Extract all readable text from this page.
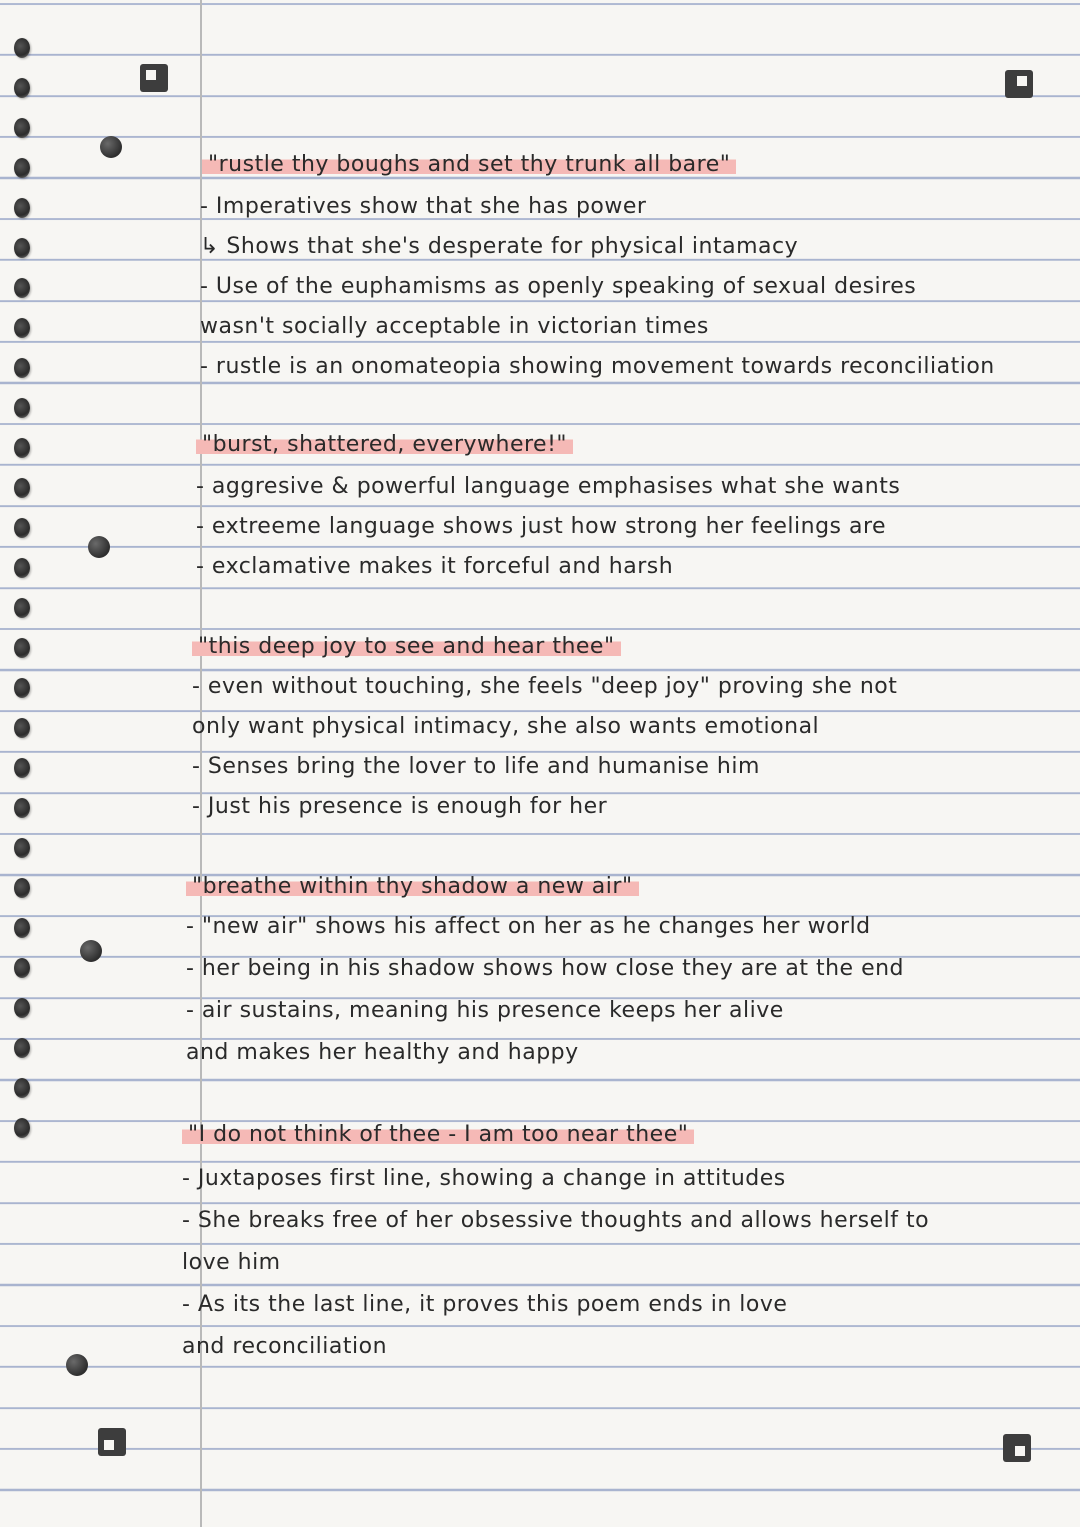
"rustle thy boughs and set thy trunk all bare"
- Imperatives show that she has power
↳ Shows that she's desperate for physical intamacy
- Use of the euphamisms as openly speaking of sexual desires
wasn't socially acceptable in victorian times
- rustle is an onomateopia showing movement towards reconciliation
"burst, shattered, everywhere!"
- aggresive & powerful language emphasises what she wants
- extreeme language shows just how strong her feelings are
- exclamative makes it forceful and harsh
"this deep joy to see and hear thee"
- even without touching, she feels "deep joy" proving she not
only want physical intimacy, she also wants emotional
- Senses bring the lover to life and humanise him
- Just his presence is enough for her
"breathe within thy shadow a new air"
- "new air" shows his affect on her as he changes her world
- her being in his shadow shows how close they are at the end
- air sustains, meaning his presence keeps her alive
and makes her healthy and happy
"I do not think of thee - I am too near thee"
- Juxtaposes first line, showing a change in attitudes
- She breaks free of her obsessive thoughts and allows herself to
love him
- As its the last line, it proves this poem ends in love
and reconciliation
